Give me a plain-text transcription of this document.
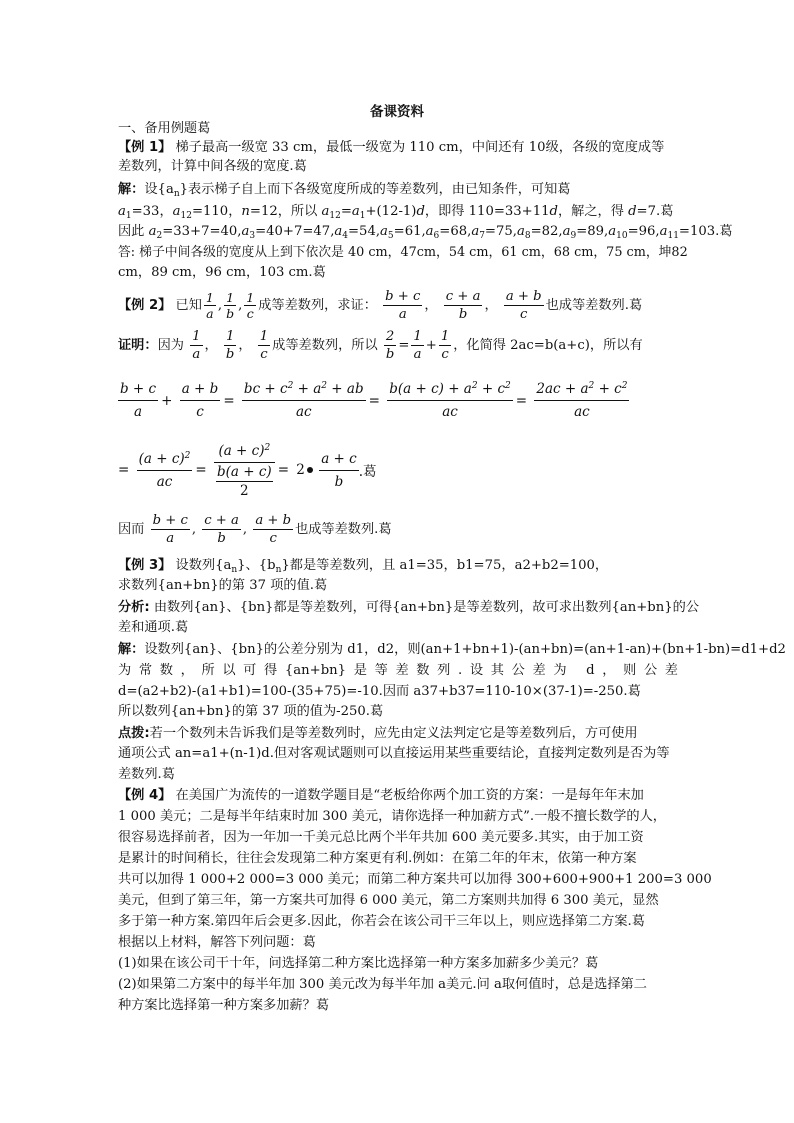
备课资料
一、备用例题葛
【例 1】 梯子最高一级宽 33 cm，最低一级宽为 110 cm，中间还有 10级，各级的宽度成等
差数列，计算中间各级的宽度.葛
解：设$\{a_n\}$表示梯子自上而下各级宽度所成的等差数列，由已知条件，可知葛
$a_1=33$，$a_{12}=110$，n=12，所以 $a_{12}=a_1+(12-1)d$，即得 110=33+11d，解之，得 d=7.葛
因此 $a_2=33+7=40,a_3=40+7=47,a_4=54,a_5=61,a_6=68,a_7=75,a_8=82,a_9=89,a_{10}=96,a_{11}=103$.葛
答: 梯子中间各级的宽度从上到下依次是 40 cm，47cm，54 cm，61 cm，68 cm，75 cm，坤82
cm，89 cm，96 cm，103 cm.葛
【例 2】 已知 $\frac{1}{a}$ , $\frac{1}{b}$ , $\frac{1}{c}$ 成等差数列，求证： $\frac{b + c}{a}$ ， $\frac{c + a}{b}$ ， $\frac{a + b}{c}$ 也成等差数列.葛
证明：因为 $\frac{1}{a}$ ， $\frac{1}{b}$ ， $\frac{1}{c}$ 成等差数列，所以 $\frac{2}{b} = \frac{1}{a} + \frac{1}{c}$ ，化简得 2ac=b(a+c)，所以有
$\frac{b + c}{a} + \frac{a + b}{c} = \frac{bc + c^2 + a^2 + ab}{ac} = \frac{b(a + c) + a^2 + c^2}{ac} = \frac{2ac + a^2 + c^2}{ac}$
= $\frac{(a + c)^2}{ac} = \frac{(a + c)^2}{\frac{b(a + c)}{2}} = 2 \frac{a + c}{b}$ .葛
因而 $\frac{b + c}{a}$ , $\frac{c + a}{b}$ , $\frac{a + b}{c}$ 也成等差数列.葛
【例 3】 设数列$\{a_n\}$、$\{b_n\}$都是等差数列，且 a1=35，b1=75，a2+b2=100，
求数列{an+bn}的第 37 项的值.葛
分析: 由数列{an}、{bn}都是等差数列，可得{an+bn}是等差数列，故可求出数列{an+bn}的公
差和通项.葛
解：设数列{an}、{bn}的公差分别为 d1，d2，则(an+1+bn+1)-(an+bn)=(an+1-an)+(bn+1-bn)=d1+d2
为常数，所以可得{an+bn}是等差数列.设其公差为 d，则公差
d=(a2+b2)-(a1+b1)=100-(35+75)=-10.因而 a37+b37=110-10×(37-1)=-250.葛
所以数列{an+bn}的第 37 项的值为-250.葛
点拨:若一个数列未告诉我们是等差数列时，应先由定义法判定它是等差数列后，方可使用
通项公式 an=a1+(n-1)d.但对客观试题则可以直接运用某些重要结论，直接判定数列是否为等
差数列.葛
【例 4】 在美国广为流传的一道数学题目是“老板给你两个加工资的方案：一是每年年末加
1 000 美元；二是每半年结束时加 300 美元，请你选择一种加薪方式”.一般不擅长数学的人，
很容易选择前者，因为一年加一千美元总比两个半年共加 600 美元要多.其实，由于加工资
是累计的时间稍长，往往会发现第二种方案更有利.例如：在第二年的年末，依第一种方案
共可以加得 1 000+2 000=3 000 美元；而第二种方案共可以加得 300+600+900+1 200=3 000
美元，但到了第三年，第一方案共可加得 6 000 美元，第二方案则共加得 6 300 美元，显然
多于第一种方案.第四年后会更多.因此，你若会在该公司干三年以上，则应选择第二方案.葛
根据以上材料，解答下列问题：葛
(1)如果在该公司干十年，问选择第二种方案比选择第一种方案多加薪多少美元？葛
(2)如果第二方案中的每半年加 300 美元改为每半年加 a美元.问 a取何值时，总是选择第二
种方案比选择第一种方案多加薪？葛
